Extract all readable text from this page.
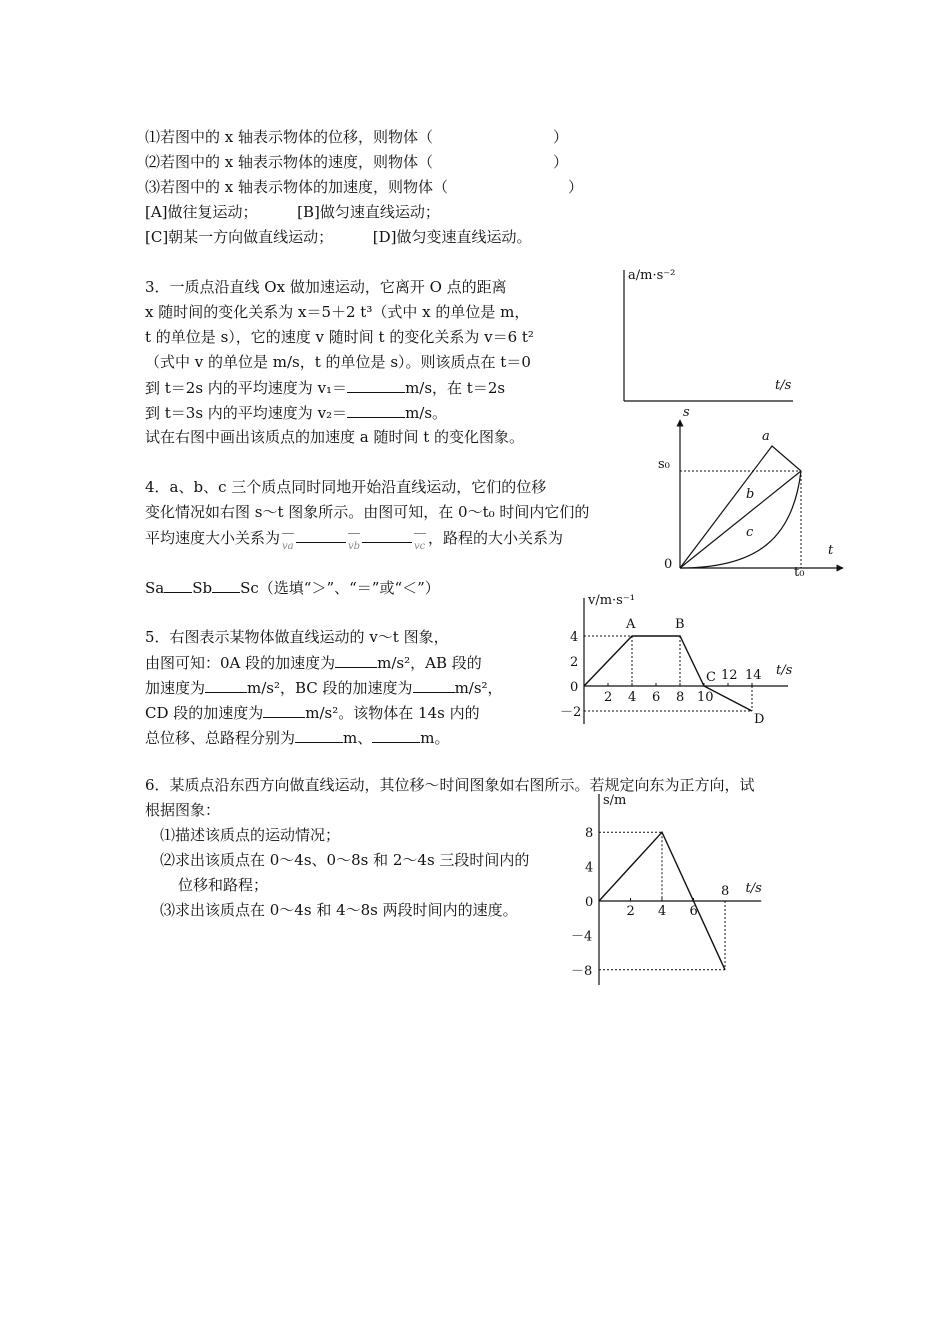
⑴若图中的 x 轴表示物体的位移，则物体（　　　　　　　　）
⑵若图中的 x 轴表示物体的速度，则物体（　　　　　　　　）
⑶若图中的 x 轴表示物体的加速度，则物体（　　　　　　　　）
[A]做往复运动；	[B]做匀速直线运动；
[C]朝某一方向做直线运动；	[D]做匀变速直线运动。
3．一质点沿直线 Ox 做加速运动，它离开 O 点的距离
x 随时间的变化关系为 x＝5＋2 t³（式中 x 的单位是 m，
t 的单位是 s），它的速度 v 随时间 t 的变化关系为 v＝6 t²
（式中 v 的单位是 m/s，t 的单位是 s）。则该质点在 t＝0
到 t＝2s 内的平均速度为 v₁＝	m/s，在 t＝2s
到 t＝3s 内的平均速度为 v₂＝	m/s。
试在右图中画出该质点的加速度 a 随时间 t 的变化图象。
a/m·s⁻²
t/s
4．a、b、c 三个质点同时同地开始沿直线运动，它们的位移
变化情况如右图 s～t 图象所示。由图可知，在 0～t₀ 时间内它们的
平均速度大小关系为 va	vb	vc ，路程的大小关系为
Sa Sb Sc（选填“＞”、“＝”或“＜”）
s
t
s₀
t₀
0
a
b
c
5．右图表示某物体做直线运动的 v～t 图象，
由图可知：0A 段的加速度为	m/s²，AB 段的
加速度为	m/s²，BC 段的加速度为	m/s²，
CD 段的加速度为	m/s²。该物体在 14s 内的
总位移、总路程分别为	m、	m。
v/m·s⁻¹
t/s
2 4 6 8 10
12 14
4
2
0
－2
A	B
C
D
6．某质点沿东西方向做直线运动，其位移～时间图象如右图所示。若规定向东为正方向，试
根据图象：
⑴描述该质点的运动情况；
⑵求出该质点在 0～4s、0～8s 和 2～4s 三段时间内的
位移和路程；
⑶求出该质点在 0～4s 和 4～8s 两段时间内的速度。
s/m
t/s
2 4 6
8
8
4
0
－4
－8
